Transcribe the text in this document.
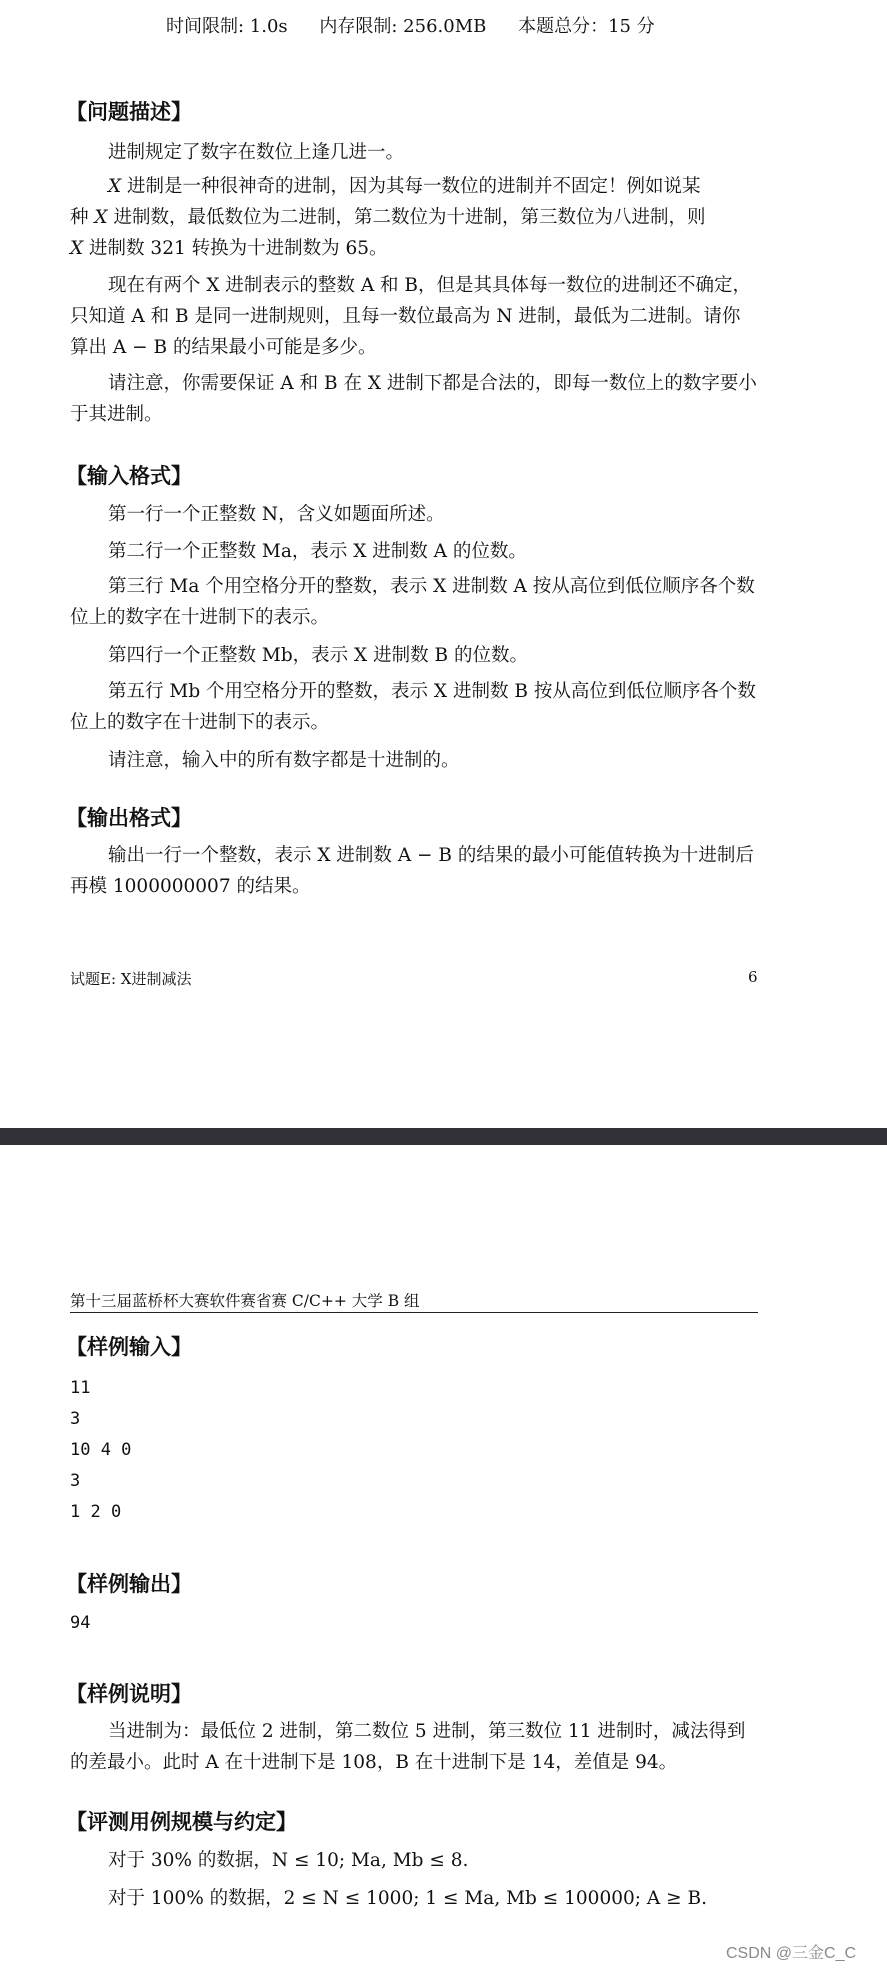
时间限制: 1.0s 内存限制: 256.0MB 本题总分：15 分
【问题描述】
进制规定了数字在数位上逢几进一。
X 进制是一种很神奇的进制，因为其每一数位的进制并不固定！例如说某
种 X 进制数，最低数位为二进制，第二数位为十进制，第三数位为八进制，则
X 进制数 321 转换为十进制数为 65。
现在有两个 X 进制表示的整数 A 和 B，但是其具体每一数位的进制还不确定，只知道 A 和 B 是同一进制规则，且每一数位最高为 N 进制，最低为二进制。请你算出 A − B 的结果最小可能是多少。
请注意，你需要保证 A 和 B 在 X 进制下都是合法的，即每一数位上的数字要小于其进制。
【输入格式】
第一行一个正整数 N，含义如题面所述。
第二行一个正整数 Ma，表示 X 进制数 A 的位数。
第三行 Ma 个用空格分开的整数，表示 X 进制数 A 按从高位到低位顺序各个数位上的数字在十进制下的表示。
第四行一个正整数 Mb，表示 X 进制数 B 的位数。
第五行 Mb 个用空格分开的整数，表示 X 进制数 B 按从高位到低位顺序各个数位上的数字在十进制下的表示。
请注意，输入中的所有数字都是十进制的。
【输出格式】
输出一行一个整数，表示 X 进制数 A − B 的结果的最小可能值转换为十进制后再模 1000000007 的结果。
试题E: X进制减法	6
第十三届蓝桥杯大赛软件赛省赛 C/C++ 大学 B 组
【样例输入】
11
3
10 4 0
3
1 2 0
【样例输出】
94
【样例说明】
当进制为：最低位 2 进制，第二数位 5 进制，第三数位 11 进制时，减法得到的差最小。此时 A 在十进制下是 108，B 在十进制下是 14，差值是 94。
【评测用例规模与约定】
对于 30% 的数据，N ≤ 10; Ma, Mb ≤ 8.
对于 100% 的数据，2 ≤ N ≤ 1000; 1 ≤ Ma, Mb ≤ 100000; A ≥ B.
CSDN @三金C_C
